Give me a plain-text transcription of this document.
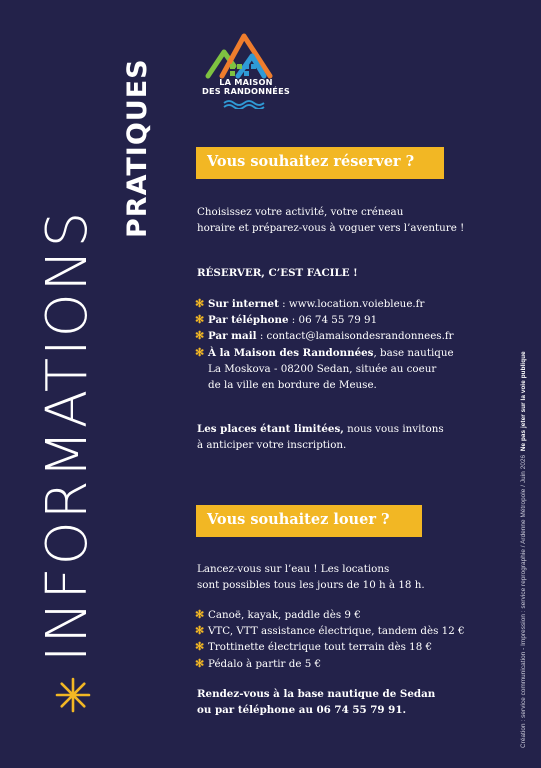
INFORMATIONS
PRATIQUES	LA MAISON
DES RANDONNÉES
Vous souhaitez réserver ?
Choisissez votre activité, votre créneau
horaire et préparez-vous à voguer vers l’aventure !
RÉSERVER, C’EST FACILE !
✻ Sur internet : www.location.voiebleue.fr
✻ Par téléphone : 06 74 55 79 91
✻ Par mail : contact@lamaisondesrandonnees.fr
✻ À la Maison des Randonnées, base nautique
La Moskova - 08200 Sedan, située au coeur
de la ville en bordure de Meuse.
Les places étant limitées, nous vous invitons
à anticiper votre inscription.
Vous souhaitez louer ?
Lancez-vous sur l’eau ! Les locations
sont possibles tous les jours de 10 h à 18 h.
✻ Canoë, kayak, paddle dès 9 €
✻ VTC, VTT assistance électrique, tandem dès 12 €
✻ Trottinette électrique tout terrain dès 18 €
✻ Pédalo à partir de 5 €
Rendez-vous à la base nautique de Sedan
ou par téléphone au 06 74 55 79 91.	Création : service communication - Impression : service reprographie / Ardenne Métropole / Juin 2026  Ne pas jeter sur la voie publique
